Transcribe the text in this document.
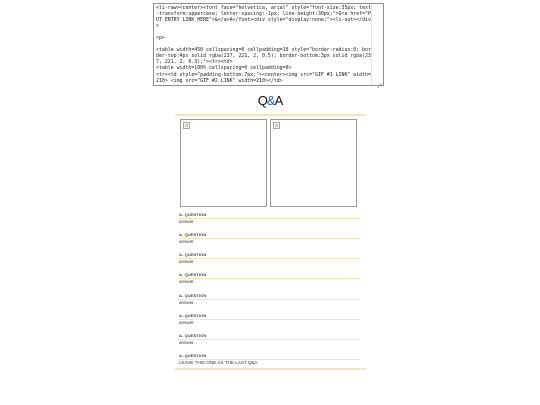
<li-raw><center><font face="helvetica, arial" style="font-size:35px; text-transform:uppercase; letter-spacing:-1px; line-height:30px;">Q<a href="PUT ENTRY LINK HERE">&</a>A</font><div style="display:none;"><li-out></div>

<p>

<table width=450 cellspacing=0 cellpadding=10 style="border-radius:0; border-top:4px solid rgba(237, 221, 2, 0.5); border-bottom:3px solid rgba(237, 221, 2, 0.3);"><tr><td>
<table width=100% cellspacing=0 cellpadding=0>
<tr><td style="padding-bottom:7px;"><center><img src="GIF #1 LINK" width=210> <img src="GIF #2 LINK" width=210></td>
Q&A
A- QUESTION
answer
A- QUESTION
answer
A- QUESTION
answer
A- QUESTION
answer
A- QUESTION
answer
A- QUESTION
answer
A- QUESTION
answer
A- QUESTION
LEAVE THIS ONE AS THE LAST Q&A
